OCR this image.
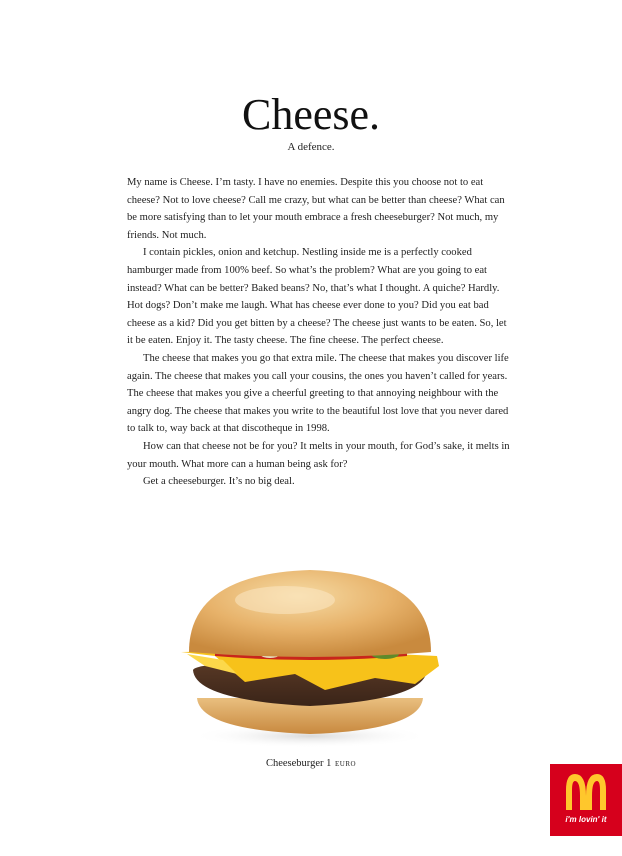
Cheese.
A defence.

My name is Cheese. I’m tasty. I have no enemies. Despite this you choose not to eat cheese? Not to love cheese? Call me crazy, but what can be better than cheese? What can be more satisfying than to let your mouth embrace a fresh cheeseburger? Not much, my friends. Not much.

I contain pickles, onion and ketchup. Nestling inside me is a perfectly cooked hamburger made from 100% beef. So what’s the problem? What are you going to eat instead? What can be better? Baked beans? No, that’s what I thought. A quiche? Hardly. Hot dogs? Don’t make me laugh. What has cheese ever done to you? Did you eat bad cheese as a kid? Did you get bitten by a cheese? The cheese just wants to be eaten. So, let it be eaten. Enjoy it. The tasty cheese. The fine cheese. The perfect cheese.

The cheese that makes you go that extra mile. The cheese that makes you discover life again. The cheese that makes you call your cousins, the ones you haven’t called for years. The cheese that makes you give a cheerful greeting to that annoying neighbour with the angry dog. The cheese that makes you write to the beautiful lost love that you never dared to talk to, way back at that discotheque in 1998.

How can that cheese not be for you? It melts in your mouth, for God’s sake, it melts in your mouth. What more can a human being ask for?

Get a cheeseburger. It’s no big deal.

Cheeseburger 1 euro
i'm lovin' it
